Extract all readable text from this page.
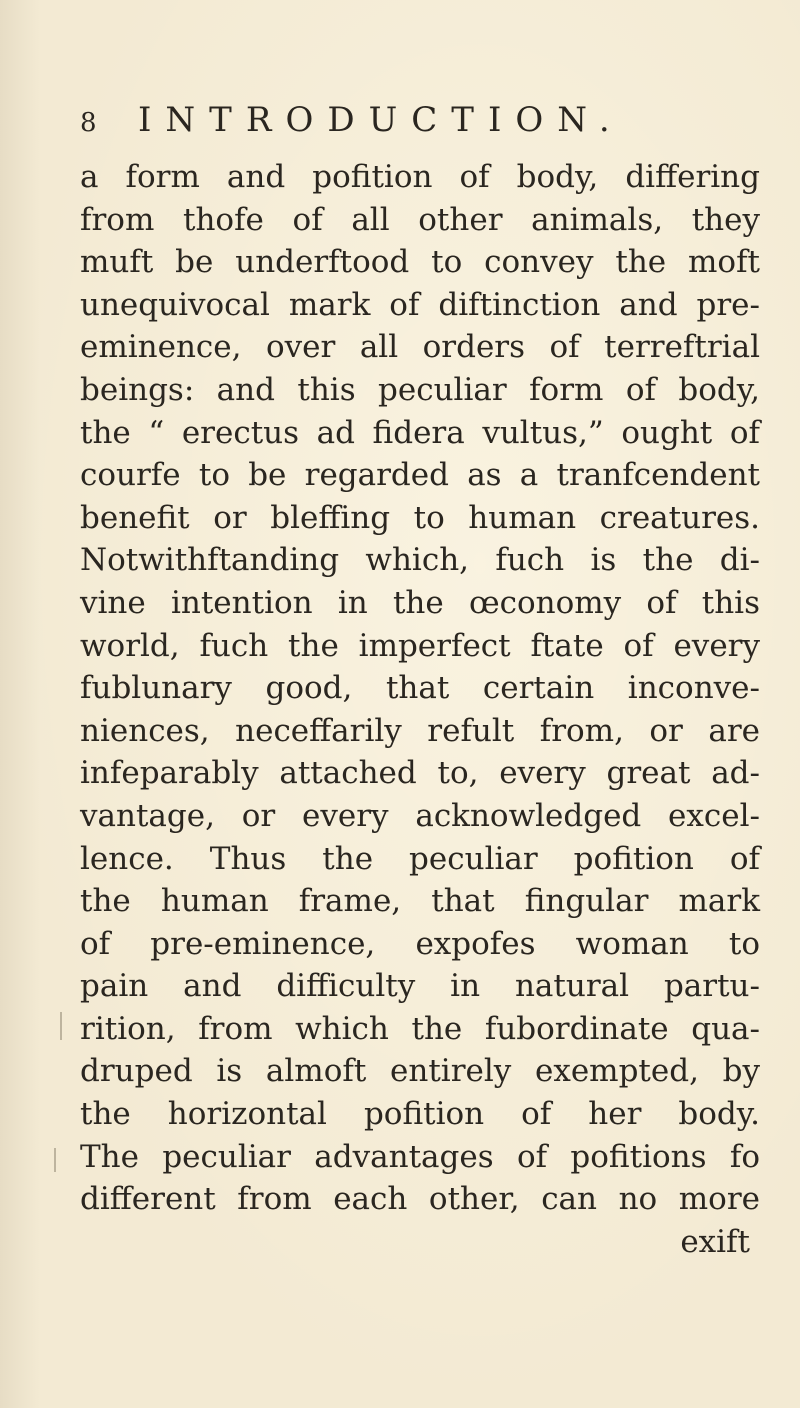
8 INTRODUCTION.
a form and pofition of body, differing
from thofe of all other animals, they
muft be underftood to convey the moft
unequivocal mark of diftinction and pre-
eminence, over all orders of terreftrial
beings: and this peculiar form of body,
the “ erectus ad fidera vultus,” ought of
courfe to be regarded as a tranfcendent
benefit or bleffing to human creatures.
Notwithftanding which, fuch is the di-
vine intention in the œconomy of this
world, fuch the imperfect ftate of every
fublunary good, that certain inconve-
niences, neceffarily refult from, or are
infeparably attached to, every great ad-
vantage, or every acknowledged excel-
lence. Thus the peculiar pofition of
the human frame, that fingular mark
of pre-eminence, expofes woman to
pain and difficulty in natural partu-
rition, from which the fubordinate qua-
druped is almoft entirely exempted, by
the horizontal pofition of her body.
The peculiar advantages of pofitions fo
different from each other, can no more
exift
